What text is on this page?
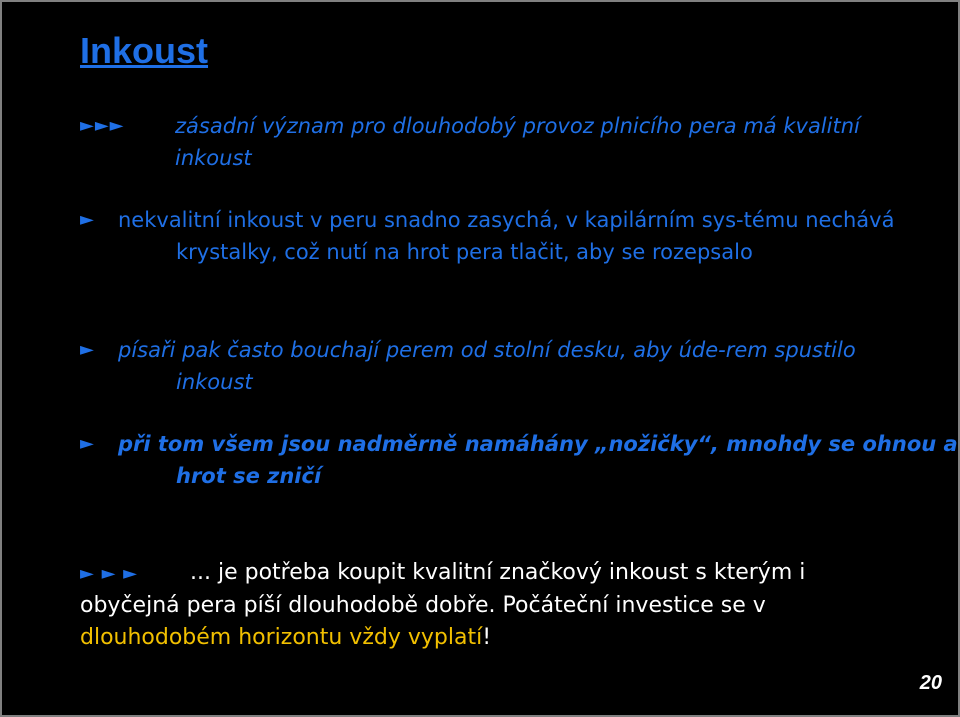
Inkoust
►►► zásadní význam pro dlouhodobý provoz plnicího pera má kvalitní inkoust
► nekvalitní inkoust v peru snadno zasychá, v kapilárním sys-tému nechává krystalky, což nutí na hrot pera tlačit, aby se rozepsalo
► písaři pak často bouchají perem od stolní desku, aby úde-rem spustilo inkoust
► při tom všem jsou nadměrně namáhány „nožičky“, mnohdy se ohnou a hrot se zničí
► ► ► ... je potřeba koupit kvalitní značkový inkoust s kterým i obyčejná pera píší dlouhodobě dobře. Počáteční investice se v dlouhodobém horizontu vždy vyplatí!
20
